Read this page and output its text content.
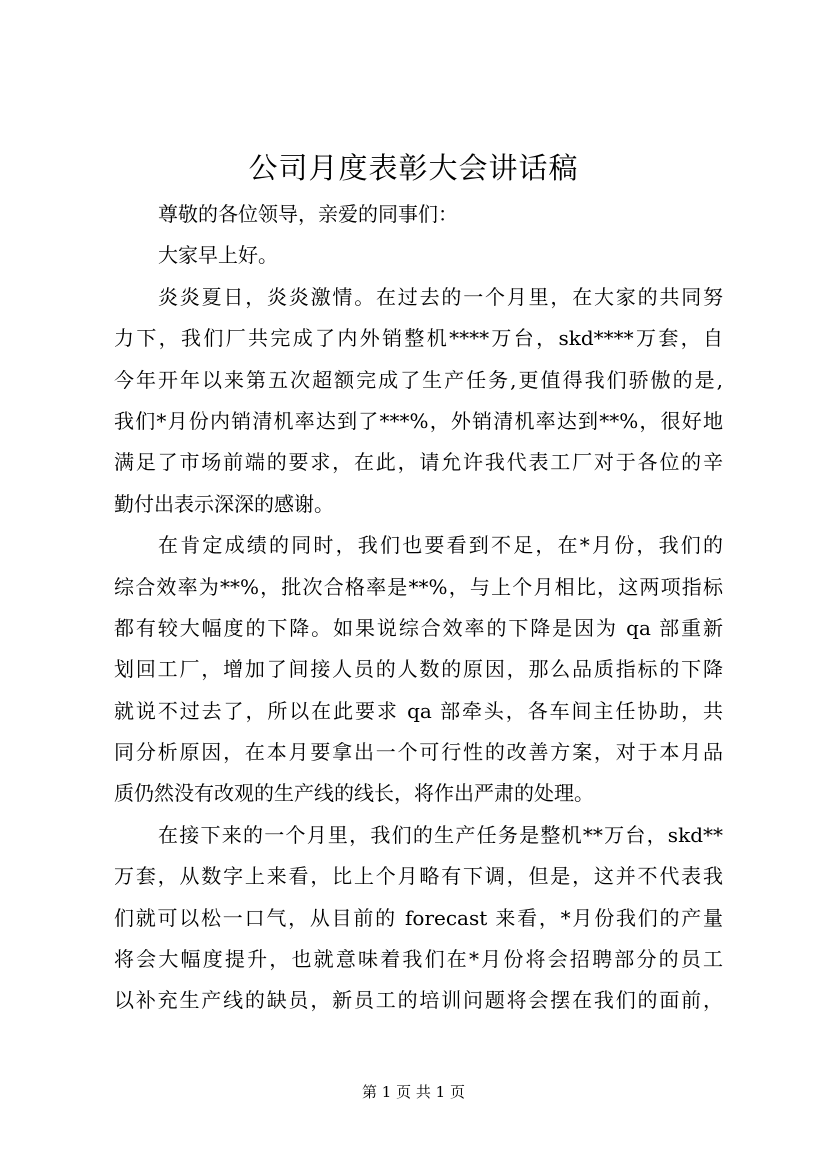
公司月度表彰大会讲话稿
尊敬的各位领导，亲爱的同事们：
大家早上好。
炎炎夏日，炎炎激情。在过去的一个月里，在大家的共同努
力下，我们厂共完成了内外销整机****万台，skd****万套，自
今年开年以来第五次超额完成了生产任务,更值得我们骄傲的是,
我们*月份内销清机率达到了***%，外销清机率达到**%，很好地
满足了市场前端的要求，在此，请允许我代表工厂对于各位的辛
勤付出表示深深的感谢。
在肯定成绩的同时，我们也要看到不足，在*月份，我们的
综合效率为**%，批次合格率是**%，与上个月相比，这两项指标
都有较大幅度的下降。如果说综合效率的下降是因为 qa 部重新
划回工厂，增加了间接人员的人数的原因，那么品质指标的下降
就说不过去了，所以在此要求 qa 部牵头，各车间主任协助，共
同分析原因，在本月要拿出一个可行性的改善方案，对于本月品
质仍然没有改观的生产线的线长，将作出严肃的处理。
在接下来的一个月里，我们的生产任务是整机**万台，skd**
万套，从数字上来看，比上个月略有下调，但是，这并不代表我
们就可以松一口气，从目前的 forecast 来看，*月份我们的产量
将会大幅度提升，也就意味着我们在*月份将会招聘部分的员工
以补充生产线的缺员，新员工的培训问题将会摆在我们的面前，
第 1 页 共 1 页
